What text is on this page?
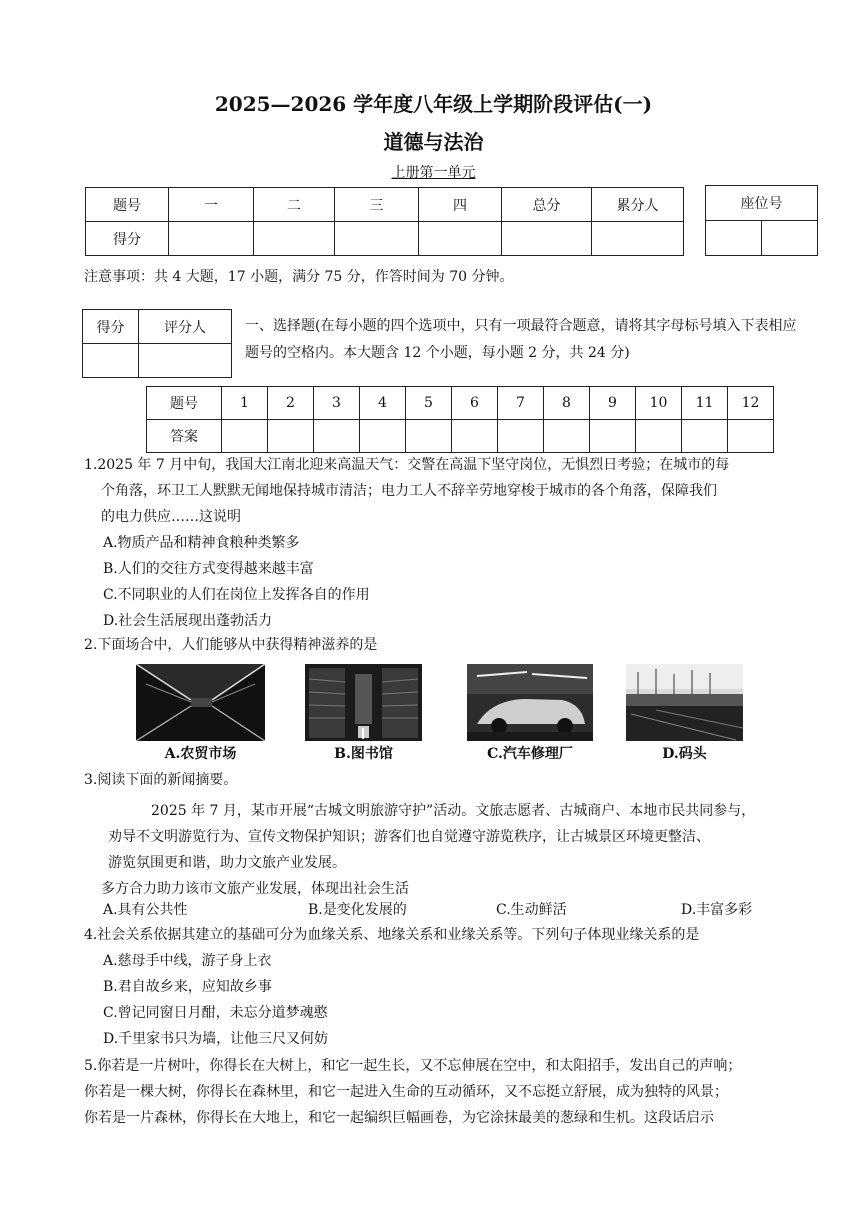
2025—2026 学年度八年级上学期阶段评估(一)
道德与法治
上册第一单元
题号	一	二	三	四	总分	累分人
得分						
座位号

注意事项：共 4 大题，17 小题，满分 75 分，作答时间为 70 分钟。
得分	评分人
		一、选择题(在每小题的四个选项中，只有一项最符合题意，请将其字母标号填入下表相应题号的空格内。本大题含 12 个小题，每小题 2 分，共 24 分)
题号	1	2	3	4	5	6	7	8	9	10	11	12
答案												
1.2025 年 7 月中旬，我国大江南北迎来高温天气：交警在高温下坚守岗位，无惧烈日考验；在城市的每
个角落，环卫工人默默无闻地保持城市清洁；电力工人不辞辛劳地穿梭于城市的各个角落，保障我们
的电力供应……这说明
A.物质产品和精神食粮种类繁多
B.人们的交往方式变得越来越丰富
C.不同职业的人们在岗位上发挥各自的作用
D.社会生活展现出蓬勃活力
2.下面场合中，人们能够从中获得精神滋养的是
A.农贸市场	B.图书馆	C.汽车修理厂	D.码头
3.阅读下面的新闻摘要。
2025 年 7 月，某市开展“古城文明旅游守护”活动。文旅志愿者、古城商户、本地市民共同参与，
劝导不文明游览行为、宣传文物保护知识；游客们也自觉遵守游览秩序，让古城景区环境更整洁、
游览氛围更和谐，助力文旅产业发展。
多方合力助力该市文旅产业发展，体现出社会生活
A.具有公共性	B.是变化发展的	C.生动鲜活	D.丰富多彩
4.社会关系依据其建立的基础可分为血缘关系、地缘关系和业缘关系等。下列句子体现业缘关系的是
A.慈母手中线，游子身上衣
B.君自故乡来，应知故乡事
C.曾记同窗日月酣，未忘分道梦魂憨
D.千里家书只为墙，让他三尺又何妨
5.你若是一片树叶，你得长在大树上，和它一起生长，又不忘伸展在空中，和太阳招手，发出自己的声响；
你若是一棵大树，你得长在森林里，和它一起进入生命的互动循环，又不忘挺立舒展，成为独特的风景；
你若是一片森林，你得长在大地上，和它一起编织巨幅画卷，为它涂抹最美的葱绿和生机。这段话启示
